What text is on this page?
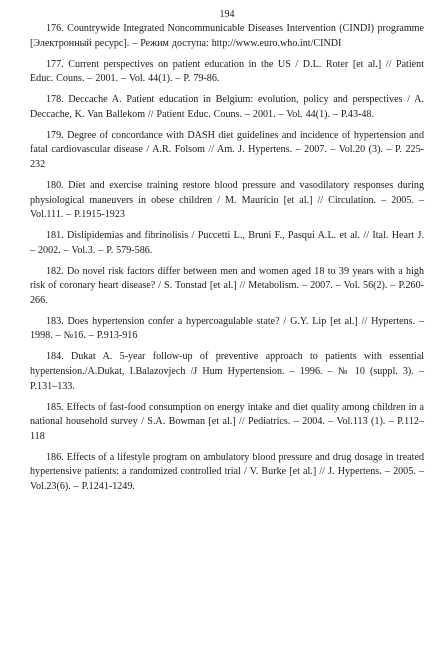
194
176. Countrywide Integrated Noncommunicable Diseases Intervention (CINDI) programme [Электронный ресурс]. – Режим доступа: http://www.euro.who.int/CINDI
177. Current perspectives on patient education in the US / D.L. Roter [et al.] // Patient Educ. Couns. – 2001. – Vol. 44(1). – P. 79-86.
178. Deccache A. Patient education in Belgium: evolution, policy and perspectives / A. Deccache, K. Van Ballekom // Patient Educ. Couns. – 2001. – Vol. 44(1). – P.43-48.
179. Degree of concordance with DASH diet guidelines and incidence of hypertension and fatal cardiovascular disease / A.R. Folsom // Am. J. Hypertens. – 2007. – Vol.20 (3). – P. 225-232
180. Diet and exercise training restore blood pressure and vasodilatory responses during physiological maneuvers in obese children / M. Maurício [et al.] // Circulation. – 2005. – Vol.111. – P.1915-1923
181. Dislipidemias and fibrinolisis / Puccetti L., Bruni F., Pasqui A.L. et al. // Ital. Heart J. – 2002. – Vol.3. – P. 579-586.
182. Do novel risk factors differ between men and women aged 18 to 39 years with a high risk of coronary heart disease? / S. Tonstad [et al.] // Metabolism. – 2007. – Vol. 56(2). – P.260-266.
183. Does hypertension confer a hypercoagulable state? / G.Y. Lip [et al.] // Hypertens. – 1998. – №16. – P.913-916
184. Dukat A. 5-year follow-up of preventive approach to patients with essential hypertension./A.Dukat, I.Balazovjech /J Hum Hypertension. – 1996. – № 10 (suppl. 3). – P.131–133.
185. Effects of fast-food consumption on energy intake and diet quality among children in a national household survey / S.A. Bowman [et al.] // Pediatrics. – 2004. – Vol.113 (1). – P.112–118
186. Effects of a lifestyle program on ambulatory blood pressure and drug dosage in treated hypertensive patients: a randomized controlled trial / V. Burke [et al.] // J. Hypertens. – 2005. – Vol.23(6). – P.1241-1249.
